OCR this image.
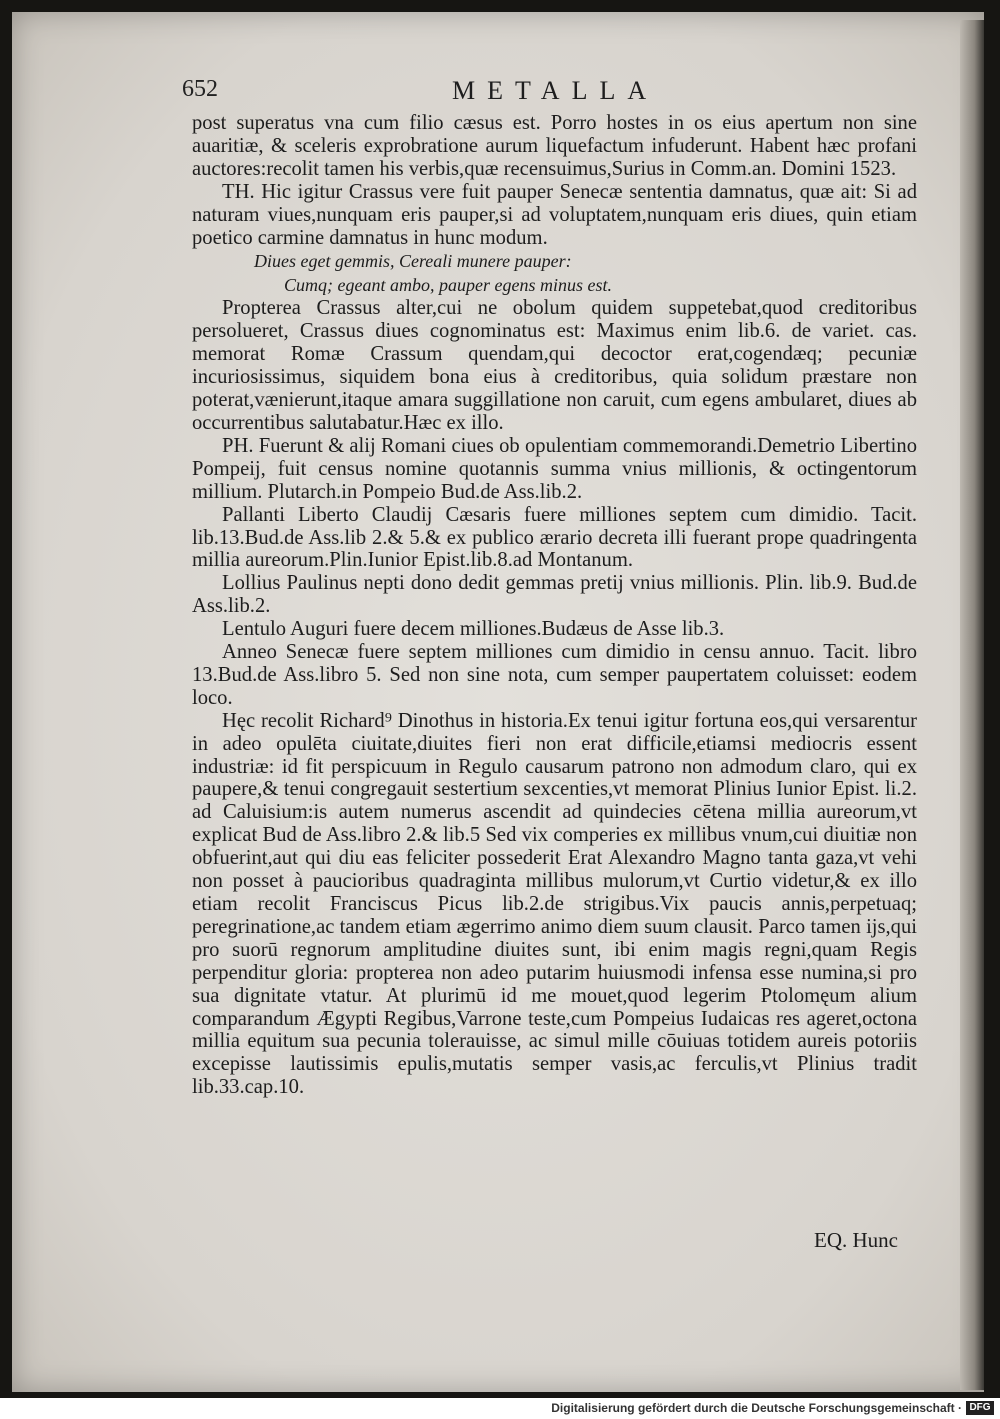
652	METALLA

post superatus vna cum filio cæsus est. Porro hostes in os eius apertum non sine auaritiæ, & sceleris exprobratione aurum liquefactum infuderunt. Habent hæc profani auctores:recolit tamen his verbis,quæ recensuimus,Surius in Comm.an. Domini 1523.

TH. Hic igitur Crassus vere fuit pauper Senecæ sententia damnatus, quæ ait: Si ad naturam viues,nunquam eris pauper,si ad voluptatem,nunquam eris diues, quin etiam poetico carmine damnatus in hunc modum.

Diues eget gemmis, Cereali munere pauper:

Cumq; egeant ambo, pauper egens minus est.

Propterea Crassus alter,cui ne obolum quidem suppetebat,quod creditoribus persolueret, Crassus diues cognominatus est: Maximus enim lib.6. de variet. cas. memorat Romæ Crassum quendam,qui decoctor erat,cogendæq; pecuniæ incuriosissimus, siquidem bona eius à creditoribus, quia solidum præstare non poterat,vænierunt,itaque amara suggillatione non caruit, cum egens ambularet, diues ab occurrentibus salutabatur.Hæc ex illo.

PH. Fuerunt & alij Romani ciues ob opulentiam commemorandi.Demetrio Libertino Pompeij, fuit census nomine quotannis summa vnius millionis, & octingentorum millium. Plutarch.in Pompeio Bud.de Ass.lib.2.

Pallanti Liberto Claudij Cæsaris fuere milliones septem cum dimidio. Tacit. lib.13.Bud.de Ass.lib 2.& 5.& ex publico ærario decreta illi fuerant prope quadringenta millia aureorum.Plin.Iunior Epist.lib.8.ad Montanum.

Lollius Paulinus nepti dono dedit gemmas pretij vnius millionis. Plin. lib.9. Bud.de Ass.lib.2.

Lentulo Auguri fuere decem milliones.Budæus de Asse lib.3.

Anneo Senecæ fuere septem milliones cum dimidio in censu annuo. Tacit. libro 13.Bud.de Ass.libro 5. Sed non sine nota, cum semper paupertatem coluisset: eodem loco.

Hęc recolit Richard⁹ Dinothus in historia.Ex tenui igitur fortuna eos,qui versarentur in adeo opulēta ciuitate,diuites fieri non erat difficile,etiamsi mediocris essent industriæ: id fit perspicuum in Regulo causarum patrono non admodum claro, qui ex paupere,& tenui congregauit sestertium sexcenties,vt memorat Plinius Iunior Epist. li.2. ad Caluisium:is autem numerus ascendit ad quindecies cētena millia aureorum,vt explicat Bud de Ass.libro 2.& lib.5 Sed vix comperies ex millibus vnum,cui diuitiæ non obfuerint,aut qui diu eas feliciter possederit Erat Alexandro Magno tanta gaza,vt vehi non posset à paucioribus quadraginta millibus mulorum,vt Curtio videtur,& ex illo etiam recolit Franciscus Picus lib.2.de strigibus.Vix paucis annis,perpetuaq; peregrinatione,ac tandem etiam ægerrimo animo diem suum clausit. Parco tamen ijs,qui pro suorū regnorum amplitudine diuites sunt, ibi enim magis regni,quam Regis perpenditur gloria: propterea non adeo putarim huiusmodi infensa esse numina,si pro sua dignitate vtatur. At plurimū id me mouet,quod legerim Ptolomęum alium comparandum Ægypti Regibus,Varrone teste,cum Pompeius Iudaicas res ageret,octona millia equitum sua pecunia tolerauisse, ac simul mille cōuiuas totidem aureis potoriis excepisse lautissimis epulis,mutatis semper vasis,ac ferculis,vt Plinius tradit lib.33.cap.10.

EQ. Hunc
Digitalisierung gefördert durch die Deutsche Forschungsgemeinschaft · DFG
